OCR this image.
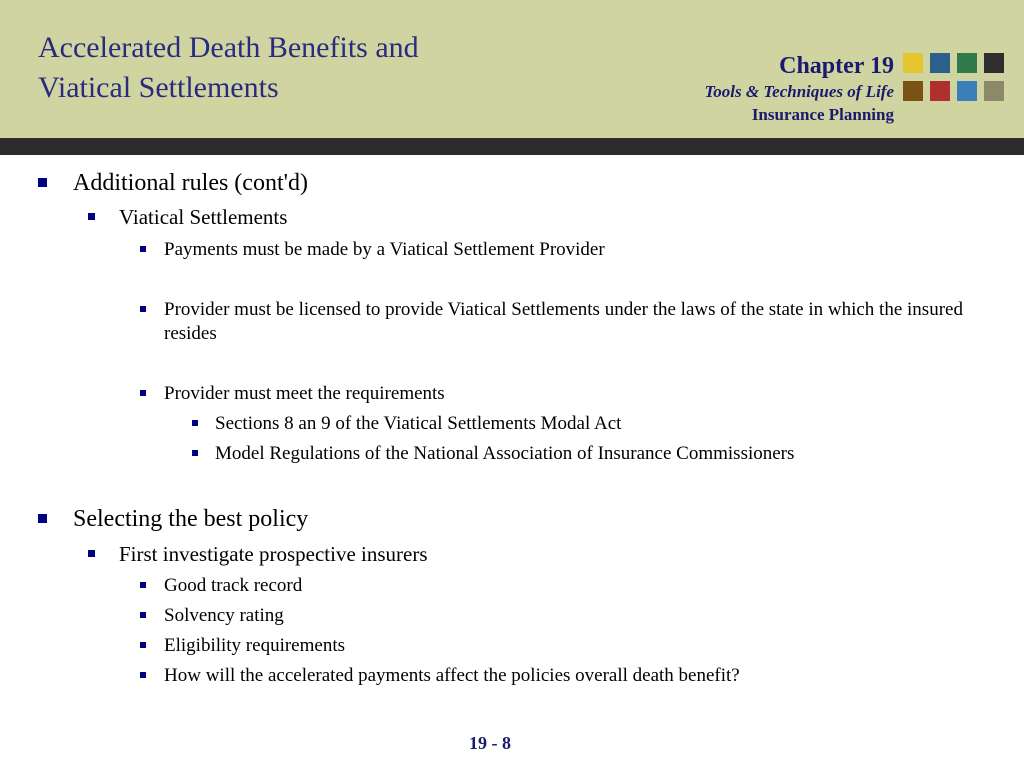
Accelerated Death Benefits and
Viatical Settlements
Chapter 19
Tools & Techniques of Life
Insurance Planning
Additional rules (cont'd)
Viatical Settlements
Payments must be made by a Viatical Settlement Provider
Provider must be licensed to provide Viatical Settlements under the laws of the state in which the insured resides
Provider must meet the requirements
Sections 8 an 9 of the Viatical Settlements Modal Act
Model Regulations of the National Association of Insurance Commissioners
Selecting the best policy
First investigate prospective insurers
Good track record
Solvency rating
Eligibility requirements
How will the accelerated payments affect the policies overall death benefit?
19 - 8
